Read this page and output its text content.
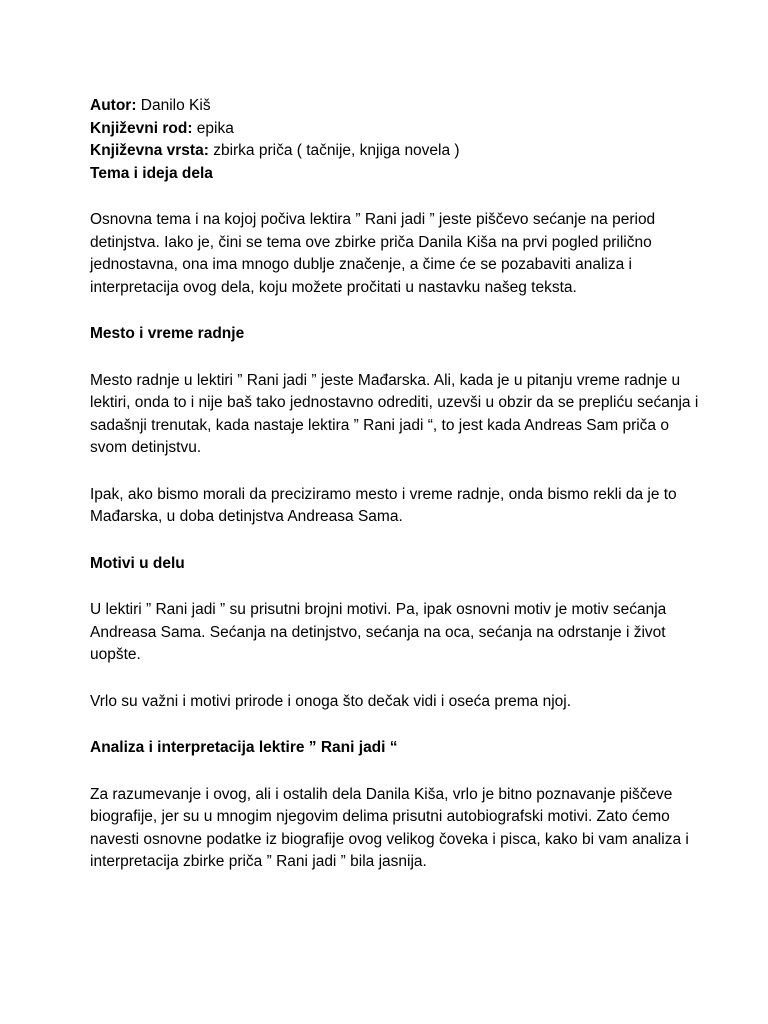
Autor: Danilo Kiš

Književni rod: epika

Književna vrsta: zbirka priča ( tačnije, knjiga novela )

Tema i ideja dela

Osnovna tema i na kojoj počiva lektira ” Rani jadi ” jeste piščevo sećanje na period detinjstva. Iako je, čini se tema ove zbirke priča Danila Kiša na prvi pogled prilično jednostavna, ona ima mnogo dublje značenje, a čime će se pozabaviti analiza i interpretacija ovog dela, koju možete pročitati u nastavku našeg teksta.

Mesto i vreme radnje

Mesto radnje u lektiri ” Rani jadi ” jeste Mađarska. Ali, kada je u pitanju vreme radnje u lektiri, onda to i nije baš tako jednostavno odrediti, uzevši u obzir da se prepliću sećanja i sadašnji trenutak, kada nastaje lektira ” Rani jadi “, to jest kada Andreas Sam priča o svom detinjstvu.

Ipak, ako bismo morali da preciziramo mesto i vreme radnje, onda bismo rekli da je to Mađarska, u doba detinjstva Andreasa Sama.

Motivi u delu

U lektiri ” Rani jadi ” su prisutni brojni motivi. Pa, ipak osnovni motiv je motiv sećanja Andreasa Sama. Sećanja na detinjstvo, sećanja na oca, sećanja na odrstanje i život uopšte.

Vrlo su važni i motivi prirode i onoga što dečak vidi i oseća prema njoj.

Analiza i interpretacija lektire ” Rani jadi “

Za razumevanje i ovog, ali i ostalih dela Danila Kiša, vrlo je bitno poznavanje piščeve biografije, jer su u mnogim njegovim delima prisutni autobiografski motivi. Zato ćemo navesti osnovne podatke iz biografije ovog velikog čoveka i pisca, kako bi vam analiza i interpretacija zbirke priča ” Rani jadi ” bila jasnija.
